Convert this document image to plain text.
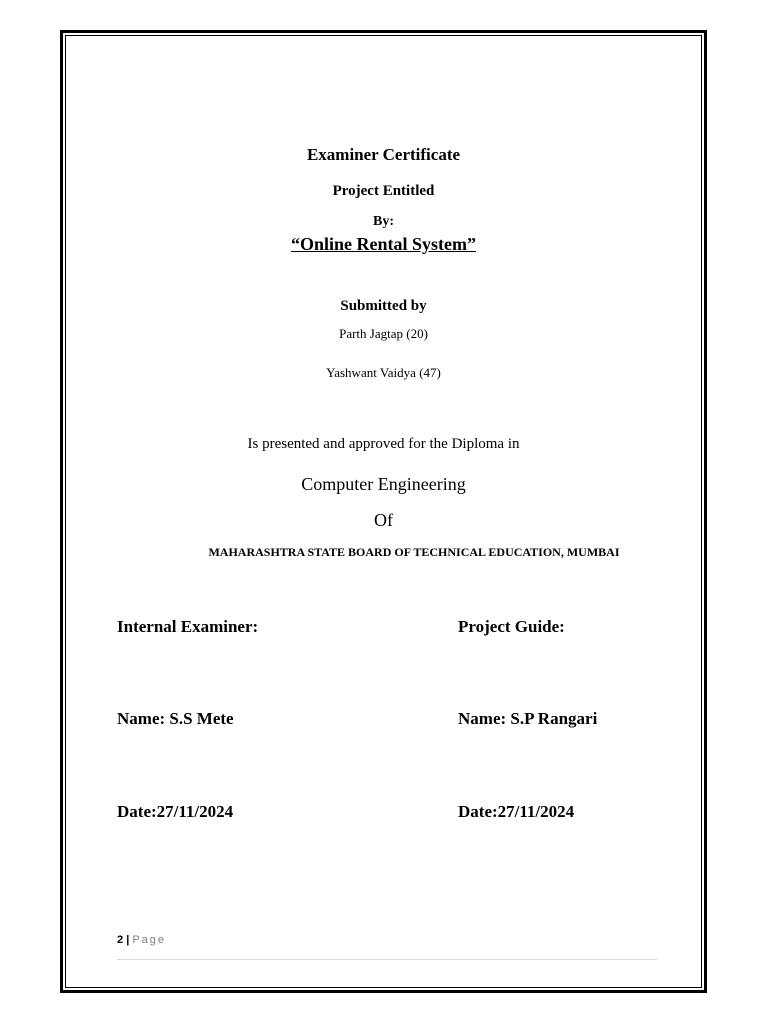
Examiner Certificate
Project Entitled
By:
“Online Rental System”
Submitted by
Parth Jagtap (20)
Yashwant Vaidya (47)
Is presented and approved for the Diploma in
Computer Engineering
Of
MAHARASHTRA STATE BOARD OF TECHNICAL EDUCATION, MUMBAI
Internal Examiner:	Project Guide:
Name: S.S Mete	Name: S.P Rangari
Date:27/11/2024	Date:27/11/2024
2 | Page
